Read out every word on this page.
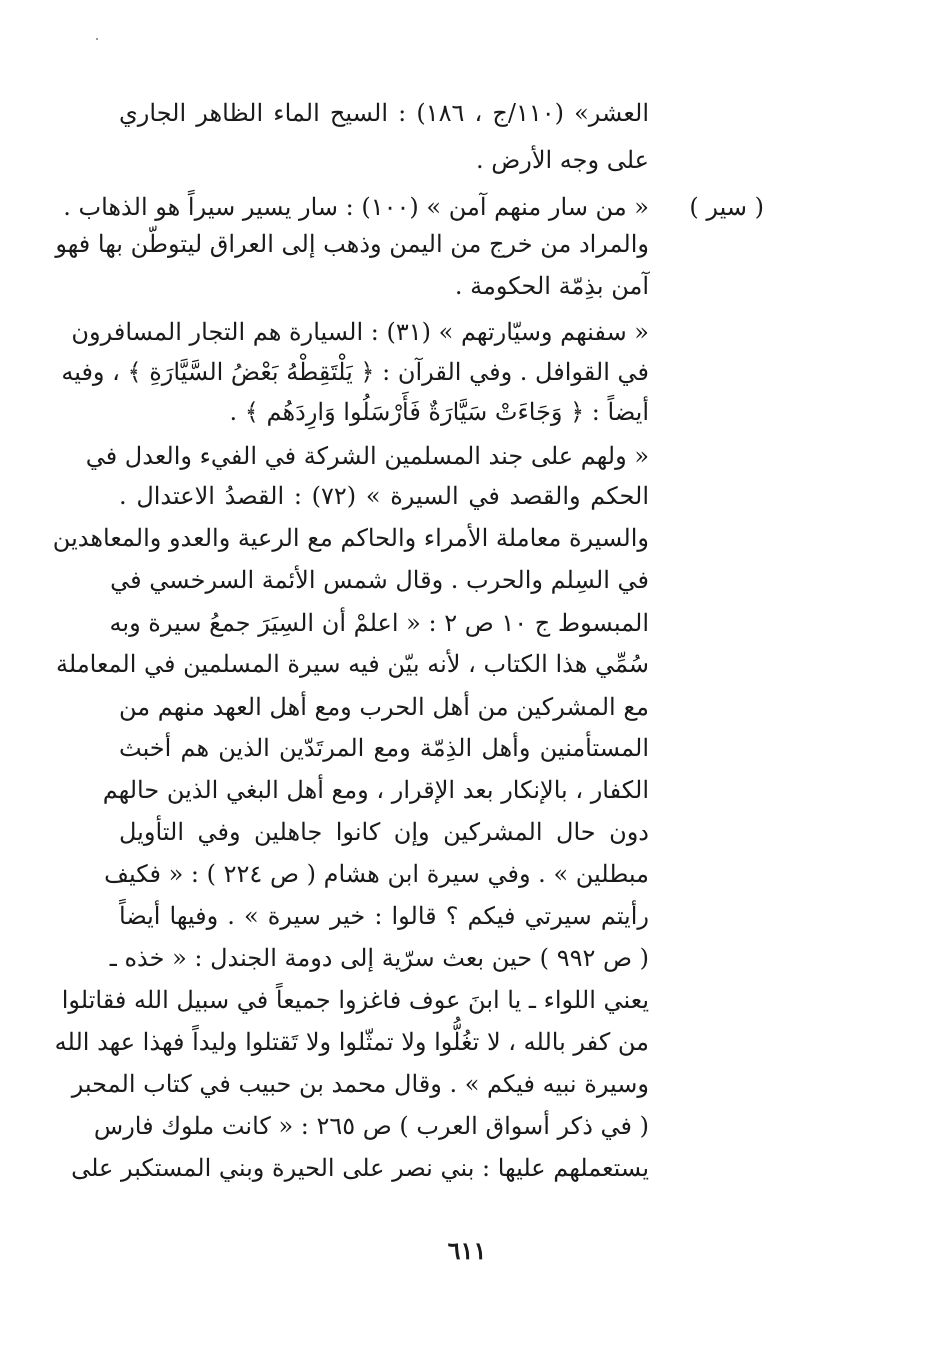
( سير )
العشر» (١١٠/ج ، ١٨٦) : السيح الماء الظاهر الجاري
على وجه الأرض .
« من سار منهم آمن » (١٠٠) : سار يسير سيراً هو الذهاب .
والمراد من خرج من اليمن وذهب إلى العراق ليتوطّن بها فهو
آمن بذِمّة الحكومة .
« سفنهم وسيّارتهم » (٣١) : السيارة هم التجار المسافرون
في القوافل . وفي القرآن : ﴿ يَلْتَقِطْهُ بَعْضُ السَّيَّارَةِ ﴾ ، وفيه
أيضاً : ﴿ وَجَاءَتْ سَيَّارَةٌ فَأَرْسَلُوا وَارِدَهُم ﴾ .
« ولهم على جند المسلمين الشركة في الفيء والعدل في
الحكم والقصد في السيرة » (٧٢) : القصدُ الاعتدال .
والسيرة معاملة الأمراء والحاكم مع الرعية والعدو والمعاهدين
في السِلم والحرب . وقال شمس الأئمة السرخسي في
المبسوط ج ١٠ ص ٢ : « اعلمْ أن السِيَرَ جمعُ سيرة وبه
سُمِّي هذا الكتاب ، لأنه بيّن فيه سيرة المسلمين في المعاملة
مع المشركين من أهل الحرب ومع أهل العهد منهم من
المستأمنين وأهل الذِمّة ومع المرتَدّين الذين هم أخبث
الكفار ، بالإنكار بعد الإقرار ، ومع أهل البغي الذين حالهم
دون حال المشركين وإن كانوا جاهلين وفي التأويل
مبطلين » . وفي سيرة ابن هشام ( ص ٢٢٤ ) : « فكيف
رأيتم سيرتي فيكم ؟ قالوا : خير سيرة » . وفيها أيضاً
( ص ٩٩٢ ) حين بعث سرّية إلى دومة الجندل : « خذه ـ
يعني اللواء ـ يا ابنَ عوف فاغزوا جميعاً في سبيل الله فقاتلوا
من كفر بالله ، لا تغُلُّوا ولا تمثّلوا ولا تَقتلوا وليداً فهذا عهد الله
وسيرة نبيه فيكم » . وقال محمد بن حبيب في كتاب المحبر
( في ذكر أسواق العرب ) ص ٢٦٥ : « كانت ملوك فارس
يستعملهم عليها : بني نصر على الحيرة وبني المستكبر على
٦١١
